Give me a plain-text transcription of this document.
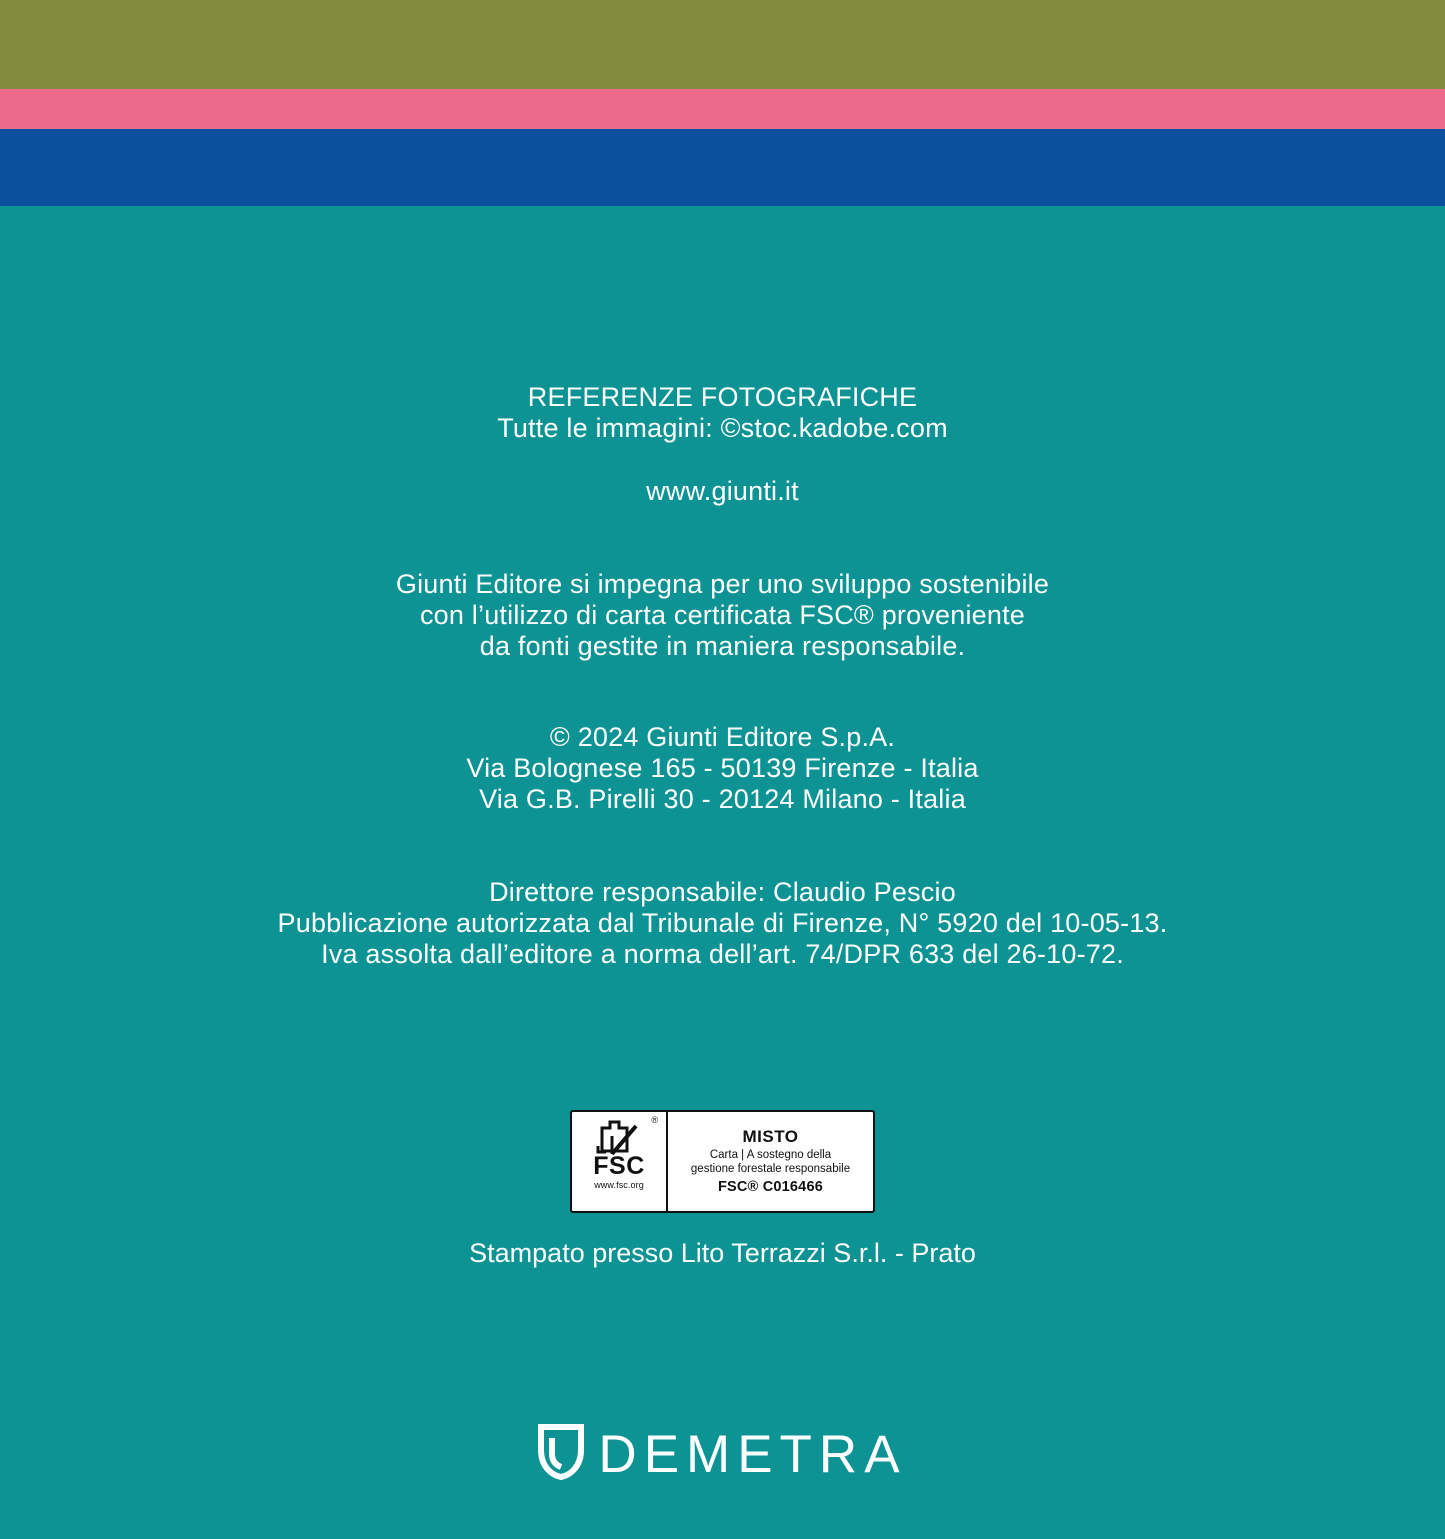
REFERENZE FOTOGRAFICHE
Tutte le immagini: ©stoc.kadobe.com
www.giunti.it
Giunti Editore si impegna per uno sviluppo sostenibile
con l’utilizzo di carta certificata FSC® proveniente
da fonti gestite in maniera responsabile.
© 2024 Giunti Editore S.p.A.
Via Bolognese 165 - 50139 Firenze - Italia
Via G.B. Pirelli 30 - 20124 Milano - Italia
Direttore responsabile: Claudio Pescio
Pubblicazione autorizzata dal Tribunale di Firenze, N° 5920 del 10-05-13.
Iva assolta dall’editore a norma dell’art. 74/DPR 633 del 26-10-72.
®
FSC
www.fsc.org
MISTO
Carta | A sostegno della
gestione forestale responsabile
FSC® C016466
Stampato presso Lito Terrazzi S.r.l. - Prato
DEMETRA
